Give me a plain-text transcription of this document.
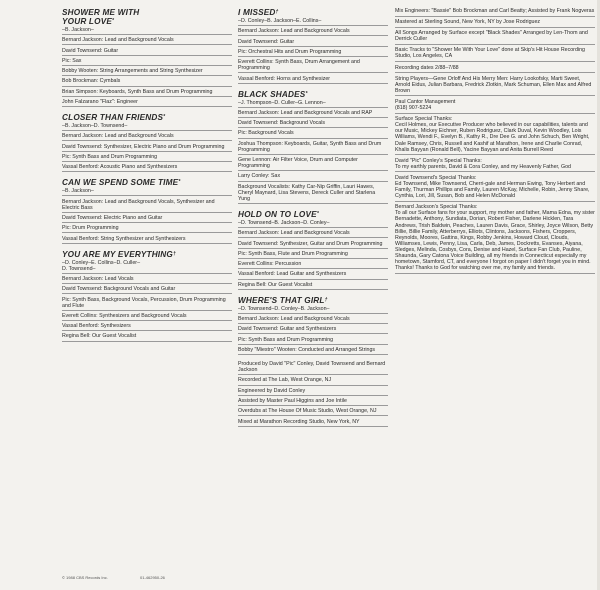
SHOWER ME WITH
YOUR LOVE*
–B. Jackson–
Bernard Jackson: Lead and Background Vocals
David Townsend: Guitar
Pic: Sax
Bobby Wooten: String Arrangements and String Synthesizer
Bob Brockman: Cymbals
Brian Simpson: Keyboards, Synth Bass and Drum Programming
John Falzarano "Flaz": Engineer
CLOSER THAN FRIENDS*
–B. Jackson–D. Townsend–
Bernard Jackson: Lead and Background Vocals
David Townsend: Synthesizer, Electric Piano and Drum Programming
Pic: Synth Bass and Drum Programming
Vassal Benford: Acoustic Piano and Synthesizers
CAN WE SPEND SOME TIME*
–B. Jackson–
Bernard Jackson: Lead and Background Vocals, Synthesizer and Electric Bass
David Townsend: Electric Piano and Guitar
Pic: Drum Programming
Vassal Benford: String Synthesizer and Synthesizers
YOU ARE MY EVERYTHING†
–D. Conley–E. Collins–D. Culler–
D. Townsend–
Bernard Jackson: Lead Vocals
David Townsend: Background Vocals and Guitar
Pic: Synth Bass, Background Vocals, Percussion, Drum Programming and Flute
Everett Collins: Synthesizers and Background Vocals
Vassal Benford: Synthesizers
Regina Bell: Our Guest Vocalist
I MISSED†
–D. Conley–B. Jackson–E. Collins–
Bernard Jackson: Lead and Background Vocals
David Townsend: Guitar
Pic: Orchestral Hits and Drum Programming
Everett Collins: Synth Bass, Drum Arrangement and Programming
Vassal Benford: Horns and Synthesizer
BLACK SHADES*
–J. Thompson–D. Culler–G. Lennon–
Bernard Jackson: Lead and Background Vocals and RAP
David Townsend: Background Vocals
Pic: Background Vocals
Joshua Thompson: Keyboards, Guitar, Synth Bass and Drum Programming
Gene Lennon: Air Filter Voice, Drum and Computer Programming
Larry Conley: Sax
Background Vocalists: Kathy Car-Nip Griffin, Lauri Hawes, Cheryl Maynard, Lisa Stevens, Dereck Culler and Starlena Yung
HOLD ON TO LOVE*
–D. Townsend–B. Jackson–D. Conley–
Bernard Jackson: Lead and Background Vocals
David Townsend: Synthesizer, Guitar and Drum Programming
Pic: Synth Bass, Flute and Drum Programming
Everett Collins: Percussion
Vassal Benford: Lead Guitar and Synthesizers
Regina Bell: Our Guest Vocalist
WHERE'S THAT GIRL†
–D. Townsend–D. Conley–B. Jackson–
Bernard Jackson: Lead and Background Vocals
David Townsend: Guitar and Synthesizers
Pic: Synth Bass and Drum Programming
Bobby "Miestro" Wooten: Conducted and Arranged Strings
Produced by David "Pic" Conley, David Townsend and Bernard Jackson
Recorded at The Lab, West Orange, NJ
Engineered by David Conley
Assisted by Master Paul Higgins and Joe Intile
Overdubs at The House Of Music Studio, West Orange, NJ
Mixed at Marathon Recording Studio, New York, NY
Mix Engineers: "Bassie" Bob Brockman and Carl Beatty; Assisted by Frank Nogveras
Mastered at Sterling Sound, New York, NY by Jose Rodriguez
All Songs Arranged by Surface except "Black Shades" Arranged by Len-Thom and Derrick Culler
Basic Tracks to "Shower Me With Your Love" done at Skip's Hit House Recording Studio, Los Angeles, CA
Recording dates 2/88–7/88
String Players—Gene Orloff And His Merry Men: Harry Lookofsky, Marti Sweet, Arnold Eidus, Julian Barbara, Fredrick Zlotkin, Mark Schuman, Ellen Max and Alfred Brown
Paul Cantor Management
(818) 907-5224
Surface Special Thanks:
Cecil Holmes, our Executive Producer who believed in our capabilities, talents and our Music, Mickey Eichner, Ruben Rodriguez, Clark Duval, Kevin Woodley, Lois Williams, Wendi F., Evelyn B., Kathy R., Dre Dee G. and John Schuch, Ben Wright, Dale Ramsey, Chris, Russell and Kashif at Marathon, Irene and Charlie Conrad, Khalis Bayyan (Ronald Bell), Yacine Bayyan and Anita Burrell Reed
David "Pic" Conley's Special Thanks:
To my earthly parents, David & Cora Conley, and my Heavenly Father, God
David Townsend's Special Thanks:
Ed Townsend, Mike Townsend, Cherri-gale and Herman Ewing, Tony Herbert and Family, Thurman Phillips and Family, Lauren McKay, Michelle, Robin, Jenny Share, Cynthia, Lori, Jill, Susan, Bob and Helen McDonald
Bernard Jackson's Special Thanks:
To all our Surface fans for your support, my mother and father, Mama Edna, my sister Bernadette, Anthony, Sundiata, Dorian, Robert Fisher, Darlene Hicklen, Tara Andrews, Trish Baldwin, Peaches, Lauren Davis, Grace, Shirley, Joyce Wilson, Betty Billie, Billie Family, Atterberrys, Elliots, Clintons, Jacksons, Fishers, Croppers, Reynolds, Moores, Gattins, Kings, Robby Jenkins, Howard Cloud, Clouds, Williamses, Lewis, Penny, Lisa, Carla, Deb, James, Dockretts, Evanses, Aiyana, Sledges, Melinda, Cosbys, Cora, Denise and Hazel, Surface Fan Club, Pauline, Shaunda, Gary Catona Voice Building, all my friends in Connecticut especially my hometown, Stamford, CT, and everyone I forgot on paper I didn't forget you in mind. Thanks! Thanks to God for watching over me, my family and friends.
© 1988 CBS Records Inc.	01-462950-26
